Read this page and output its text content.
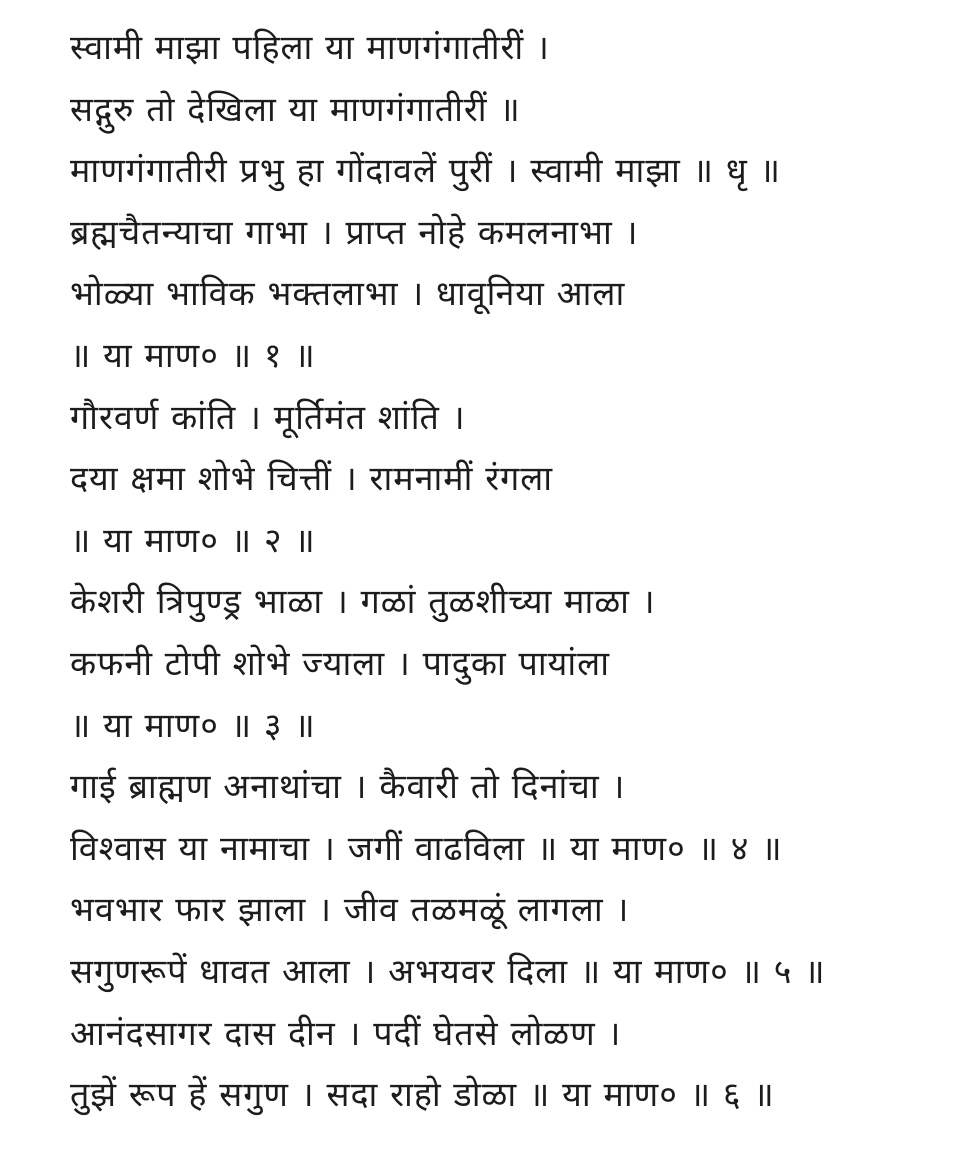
स्वामी माझा पहिला या माणगंगातीरीं ।
सद्गुरु तो देखिला या माणगंगातीरीं ॥
माणगंगातीरी प्रभु हा गोंदावलें पुरीं । स्वामी माझा ॥ धृ ॥
ब्रह्मचैतन्याचा गाभा । प्राप्त नोहे कमलनाभा ।
भोळ्या भाविक भक्तलाभा । धावूनिया आला
॥ या माण० ॥ १ ॥
गौरवर्ण कांति । मूर्तिमंत शांति ।
दया क्षमा शोभे चित्तीं । रामनामीं रंगला
॥ या माण० ॥ २ ॥
केशरी त्रिपुण्ड्र भाळा । गळां तुळशीच्या माळा ।
कफनी टोपी शोभे ज्याला । पादुका पायांला
॥ या माण० ॥ ३ ॥
गाई ब्राह्मण अनाथांचा । कैवारी तो दिनांचा ।
विश्वास या नामाचा । जगीं वाढविला ॥ या माण० ॥ ४ ॥
भवभार फार झाला । जीव तळमळूं लागला ।
सगुणरूपें धावत आला । अभयवर दिला ॥ या माण० ॥ ५ ॥
आनंदसागर दास दीन । पदीं घेतसे लोळण ।
तुझें रूप हें सगुण । सदा राहो डोळा ॥ या माण० ॥ ६ ॥
